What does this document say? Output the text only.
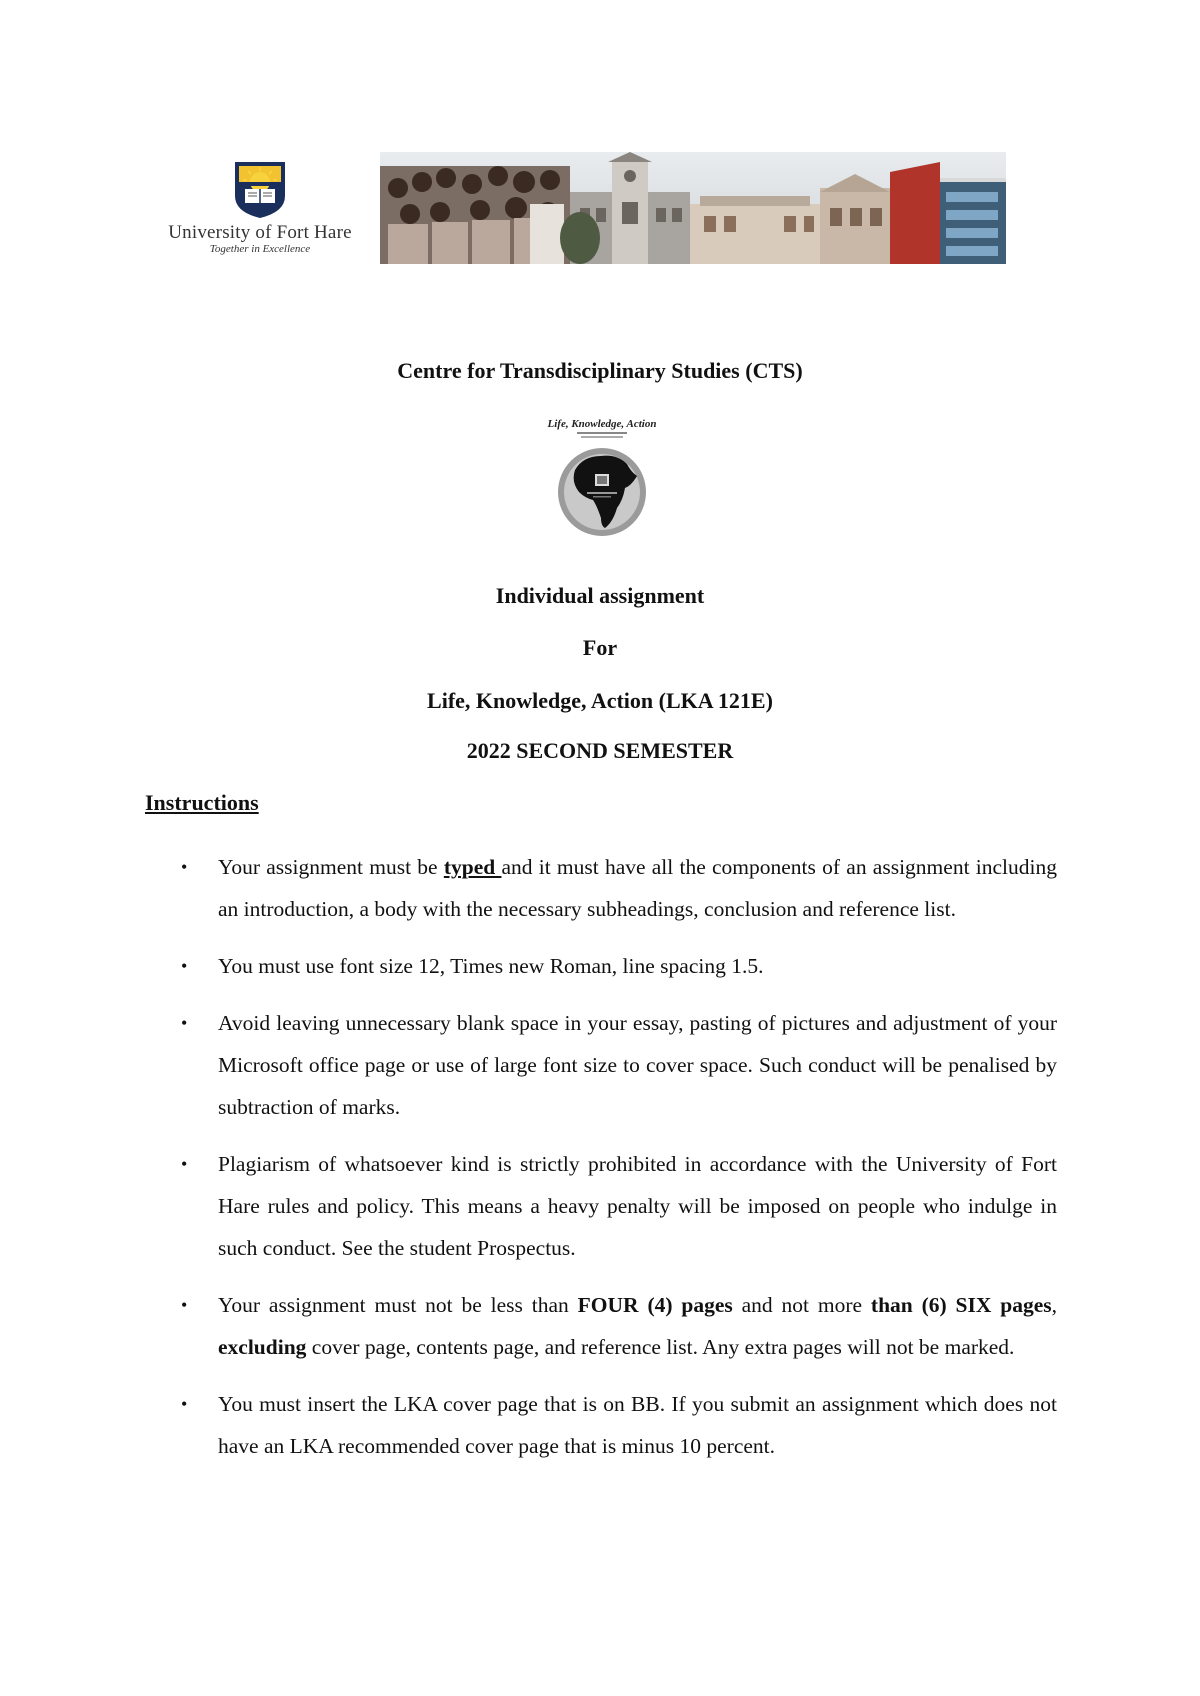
University of Fort Hare
Together in Excellence
Centre for Transdisciplinary Studies (CTS)
Life, Knowledge, Action
Individual assignment
For
Life, Knowledge, Action (LKA 121E)
2022 SECOND SEMESTER
Instructions
• Your assignment must be typed and it must have all the components of an assignment including an introduction, a body with the necessary subheadings, conclusion and reference list.
• You must use font size 12, Times new Roman, line spacing 1.5.
• Avoid leaving unnecessary blank space in your essay, pasting of pictures and adjustment of your Microsoft office page or use of large font size to cover space. Such conduct will be penalised by subtraction of marks.
• Plagiarism of whatsoever kind is strictly prohibited in accordance with the University of Fort Hare rules and policy. This means a heavy penalty will be imposed on people who indulge in such conduct. See the student Prospectus.
• Your assignment must not be less than FOUR (4) pages and not more than (6) SIX pages, excluding cover page, contents page, and reference list. Any extra pages will not be marked.
• You must insert the LKA cover page that is on BB. If you submit an assignment which does not have an LKA recommended cover page that is minus 10 percent.
